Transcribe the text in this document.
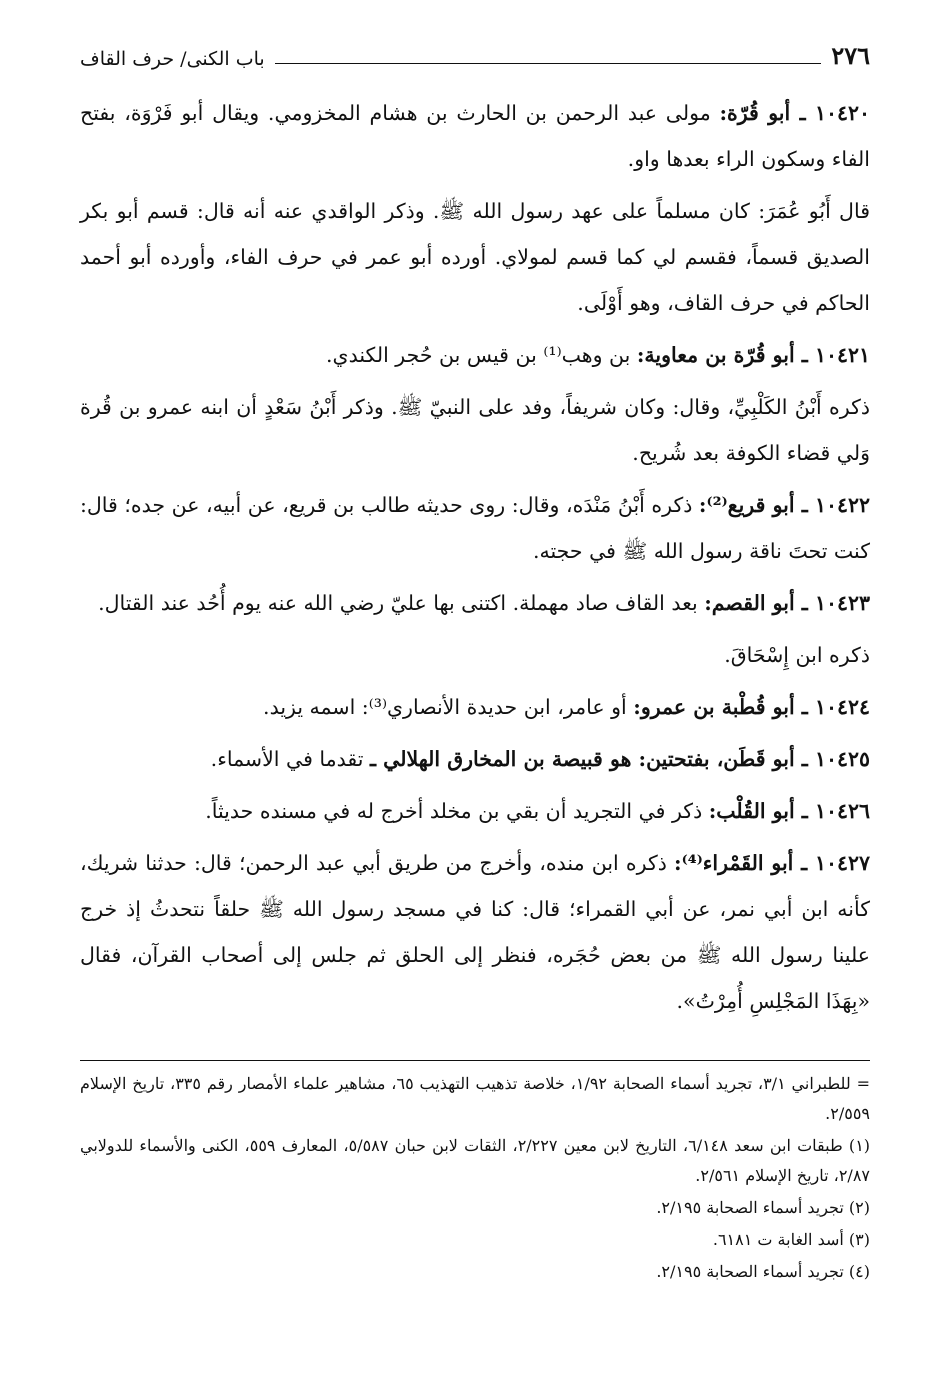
٢٧٦
باب الكنى/ حرف القاف

١٠٤٢٠ ـ أبو قُرّة: مولى عبد الرحمن بن الحارث بن هشام المخزومي. ويقال أبو فَرْوَة، بفتح الفاء وسكون الراء بعدها واو.

قال أَبُو عُمَرَ: كان مسلماً على عهد رسول الله ﷺ. وذكر الواقدي عنه أنه قال: قسم أبو بكر الصديق قسماً، فقسم لي كما قسم لمولاي. أورده أبو عمر في حرف الفاء، وأورده أبو أحمد الحاكم في حرف القاف، وهو أَوْلَى.

١٠٤٢١ ـ أبو قُرّة بن معاوية: بن وهب⁽¹⁾ بن قيس بن حُجر الكندي.

ذكره أَبْنُ الكَلْبِيِّ، وقال: وكان شريفاً، وفد على النبيّ ﷺ. وذكر أَبْنُ سَعْدٍ أن ابنه عمرو بن قُرة وَلي قضاء الكوفة بعد شُريح.

١٠٤٢٢ ـ أبو قريع⁽²⁾: ذكره أَبْنُ مَنْدَه، وقال: روى حديثه طالب بن قريع، عن أبيه، عن جده؛ قال: كنت تحتَ ناقة رسول الله ﷺ في حجته.

١٠٤٢٣ ـ أبو القصم: بعد القاف صاد مهملة. اكتنى بها عليّ رضي الله عنه يوم أُحُد عند القتال.

ذكره ابن إِسْحَاقَ.

١٠٤٢٤ ـ أبو قُطْبة بن عمرو: أو عامر، ابن حديدة الأنصاري⁽³⁾: اسمه يزيد.

١٠٤٢٥ ـ أبو قَطَن، بفتحتين: هو قبيصة بن المخارق الهلالي ـ تقدما في الأسماء.

١٠٤٢٦ ـ أبو القُلْب: ذكر في التجريد أن بقي بن مخلد أخرج له في مسنده حديثاً.

١٠٤٢٧ ـ أبو القَمْراء⁽⁴⁾: ذكره ابن منده، وأخرج من طريق أبي عبد الرحمن؛ قال: حدثنا شريك، كأنه ابن أبي نمر، عن أبي القمراء؛ قال: كنا في مسجد رسول الله ﷺ حلقاً نتحدثُ إذ خرج علينا رسول الله ﷺ من بعض حُجَره، فنظر إلى الحلق ثم جلس إلى أصحاب القرآن، فقال «بِهَذَا المَجْلِسِ أُمِرْتُ».

= للطبراني ٣/١، تجريد أسماء الصحابة ١/٩٢، خلاصة تذهيب التهذيب ٦٥، مشاهير علماء الأمصار رقم ٣٣٥، تاريخ الإسلام ٢/٥٥٩.

(١) طبقات ابن سعد ٦/١٤٨، التاريخ لابن معين ٢/٢٢٧، الثقات لابن حبان ٥/٥٨٧، المعارف ٥٥٩، الكنى والأسماء للدولابي ٢/٨٧، تاريخ الإسلام ٢/٥٦١.

(٢) تجريد أسماء الصحابة ٢/١٩٥.

(٣) أسد الغابة ت ٦١٨١.

(٤) تجريد أسماء الصحابة ٢/١٩٥.
